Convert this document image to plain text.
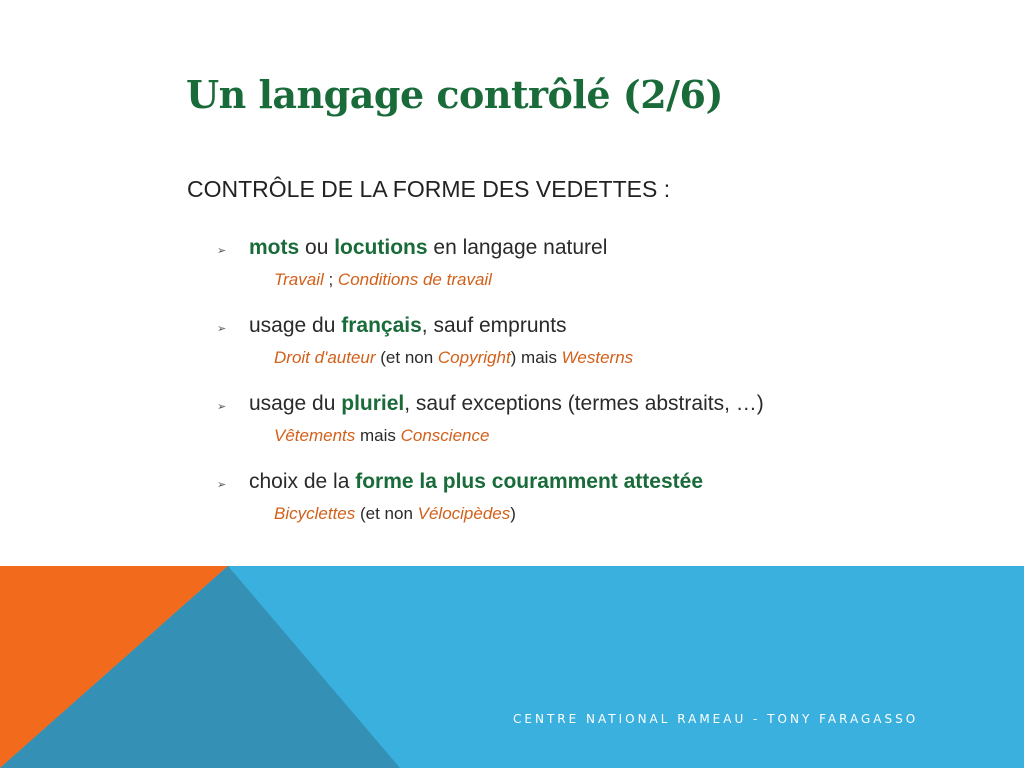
Un langage contrôlé (2/6)

CONTRÔLE DE LA FORME DES VEDETTES :

➢ mots ou locutions en langage naturel
Travail ; Conditions de travail
➢ usage du français, sauf emprunts
Droit d'auteur (et non Copyright) mais Westerns
➢ usage du pluriel, sauf exceptions (termes abstraits, …)
Vêtements mais Conscience
➢ choix de la forme la plus couramment attestée
Bicyclettes (et non Vélocipèdes)

CENTRE NATIONAL RAMEAU - TONY FARAGASSO
